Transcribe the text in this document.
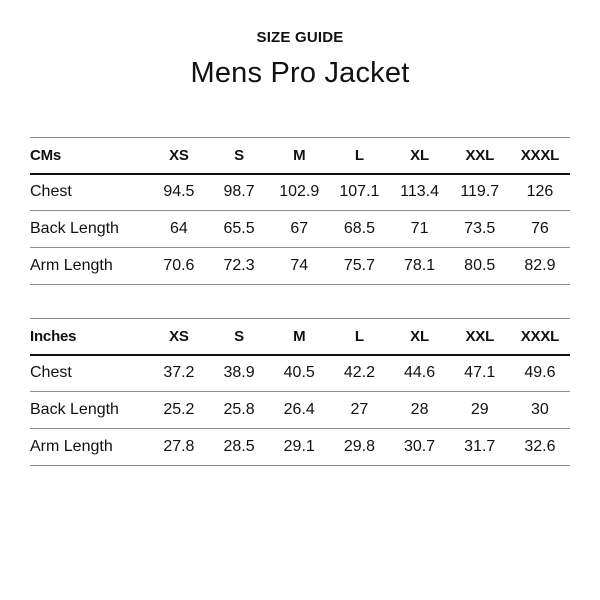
SIZE GUIDE
Mens Pro Jacket
CMs	XS	S	M	L	XL	XXL	XXXL
Chest	94.5	98.7	102.9	107.1	113.4	119.7	126
Back Length	64	65.5	67	68.5	71	73.5	76
Arm Length	70.6	72.3	74	75.7	78.1	80.5	82.9
Inches	XS	S	M	L	XL	XXL	XXXL
Chest	37.2	38.9	40.5	42.2	44.6	47.1	49.6
Back Length	25.2	25.8	26.4	27	28	29	30
Arm Length	27.8	28.5	29.1	29.8	30.7	31.7	32.6
